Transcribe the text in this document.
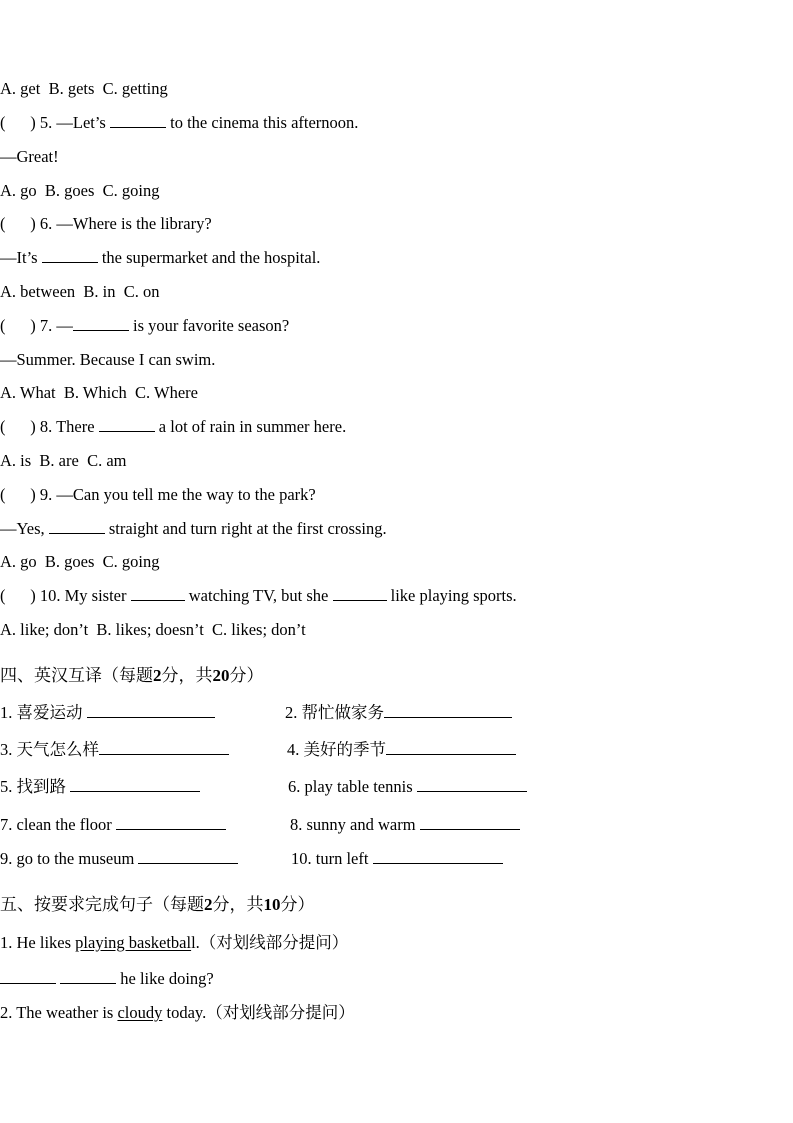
A. get  B. gets  C. getting
(      ) 5. —Let’s	to the cinema this afternoon.
—Great!
A. go  B. goes  C. going
(      ) 6. —Where is the library?
—It’s	the supermarket and the hospital.
A. between  B. in  C. on
(      ) 7. —	is your favorite season?
—Summer. Because I can swim.
A. What  B. Which  C. Where
(      ) 8. There	a lot of rain in summer here.
A. is  B. are  C. am
(      ) 9. —Can you tell me the way to the park?
—Yes,	straight and turn right at the first crossing.
A. go  B. goes  C. going
(      ) 10. My sister	watching TV, but she	like playing sports.
A. like; don’t  B. likes; doesn’t  C. likes; don’t
四、英汉互译（每题2分，共20分）
1. 喜爱运动	2. 帮忙做家务
3. 天气怎么样	4. 美好的季节
5. 找到路	6. play table tennis
7. clean the floor	8. sunny and warm
9. go to the museum	10. turn left
五、按要求完成句子（每题2分，共10分）
1. He likes playing basketball.（对划线部分提问）
he like doing?
2. The weather is cloudy today.（对划线部分提问）
